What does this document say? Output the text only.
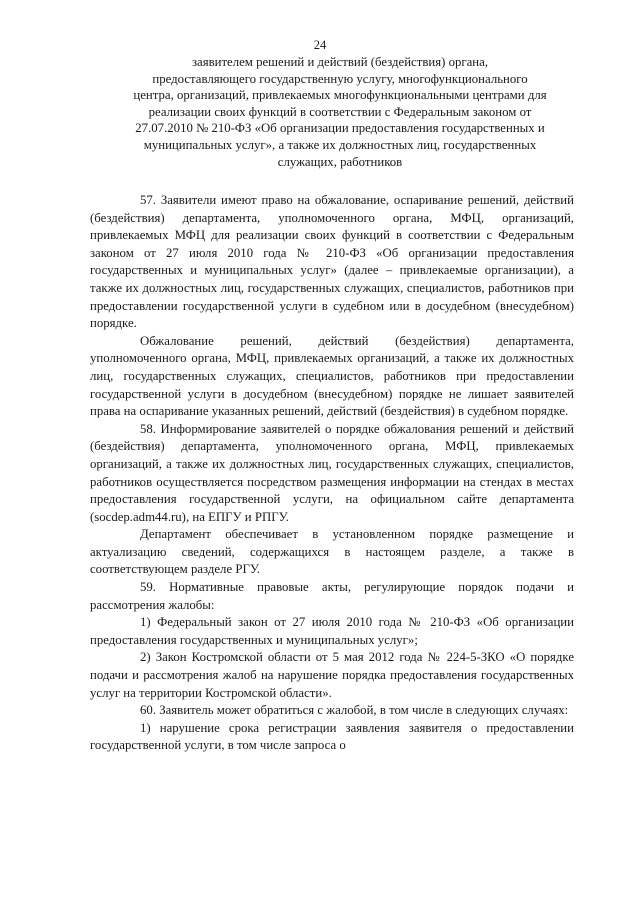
24
заявителем решений и действий (бездействия) органа,
предоставляющего государственную услугу, многофункционального
центра, организаций, привлекаемых многофункциональными центрами для
реализации своих функций в соответствии с Федеральным законом от
27.07.2010 № 210-ФЗ «Об организации предоставления государственных и
муниципальных услуг», а также их должностных лиц, государственных
служащих, работников

57. Заявители имеют право на обжалование, оспаривание решений, действий (бездействия) департамента, уполномоченного органа, МФЦ, организаций, привлекаемых МФЦ для реализации своих функций в соответствии с Федеральным законом от 27 июля 2010 года № 210-ФЗ «Об организации предоставления государственных и муниципальных услуг» (далее – привлекаемые организации), а также их должностных лиц, государственных служащих, специалистов, работников при предоставлении государственной услуги в судебном или в досудебном (внесудебном) порядке.

Обжалование решений, действий (бездействия) департамента, уполномоченного органа, МФЦ, привлекаемых организаций, а также их должностных лиц, государственных служащих, специалистов, работников при предоставлении государственной услуги в досудебном (внесудебном) порядке не лишает заявителей права на оспаривание указанных решений, действий (бездействия) в судебном порядке.

58. Информирование заявителей о порядке обжалования решений и действий (бездействия) департамента, уполномоченного органа, МФЦ, привлекаемых организаций, а также их должностных лиц, государственных служащих, специалистов, работников осуществляется посредством размещения информации на стендах в местах предоставления государственной услуги, на официальном сайте департамента (socdep.adm44.ru), на ЕПГУ и РПГУ.

Департамент обеспечивает в установленном порядке размещение и актуализацию сведений, содержащихся в настоящем разделе, а также в соответствующем разделе РГУ.

59. Нормативные правовые акты, регулирующие порядок подачи и рассмотрения жалобы:

1) Федеральный закон от 27 июля 2010 года № 210-ФЗ «Об организации предоставления государственных и муниципальных услуг»;

2) Закон Костромской области от 5 мая 2012 года № 224-5-ЗКО «О порядке подачи и рассмотрения жалоб на нарушение порядка предоставления государственных услуг на территории Костромской области».

60. Заявитель может обратиться с жалобой, в том числе в следующих случаях:

1) нарушение срока регистрации заявления заявителя о предоставлении государственной услуги, в том числе запроса о
